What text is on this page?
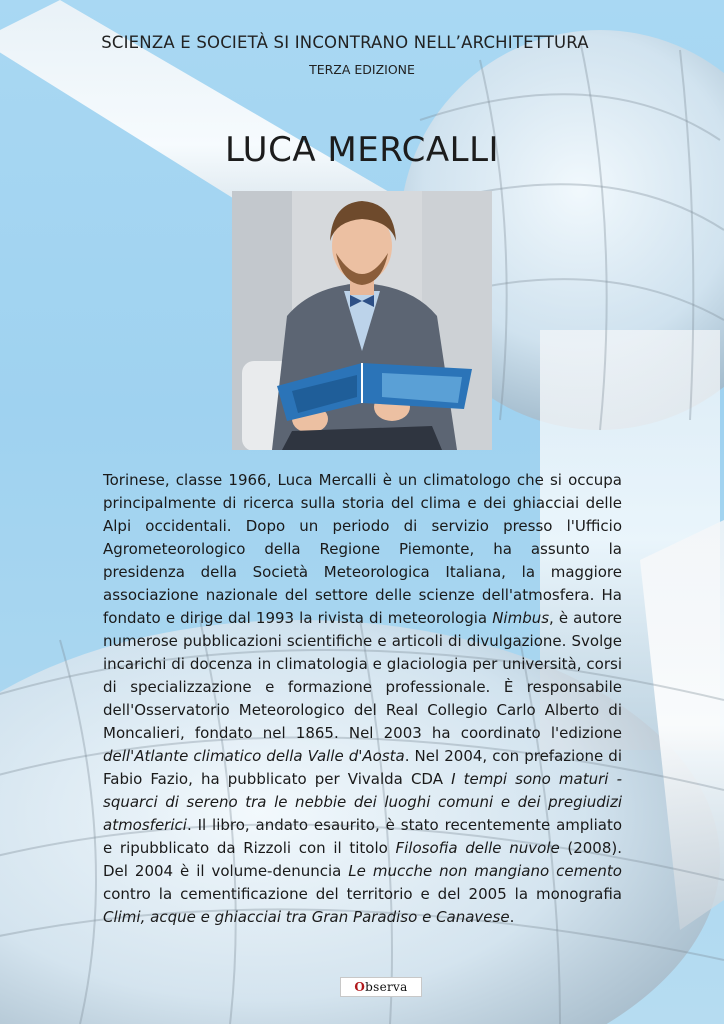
SCIENZA E SOCIETÀ SI INCONTRANO NELL’ARCHITETTURA
TERZA EDIZIONE
LUCA MERCALLI
Torinese, classe 1966, Luca Mercalli è un climatologo che si occupa principalmente di ricerca sulla storia del clima e dei ghiacciai delle Alpi occidentali. Dopo un periodo di servizio presso l'Ufficio Agrometeorologico della Regione Piemonte, ha assunto la presidenza della Società Meteorologica Italiana, la maggiore associazione nazionale del settore delle scienze dell'atmosfera. Ha fondato e dirige dal 1993 la rivista di meteorologia Nimbus, è autore numerose pubblicazioni scientifiche e articoli di divulgazione. Svolge incarichi di docenza in climatologia e glaciologia per università, corsi di specializzazione e formazione professionale. È responsabile dell'Osservatorio Meteorologico del Real Collegio Carlo Alberto di Moncalieri, fondato nel 1865. Nel 2003 ha coordinato l'edizione dell'Atlante climatico della Valle d'Aosta. Nel 2004, con prefazione di Fabio Fazio, ha pubblicato per Vivalda CDA I tempi sono maturi - squarci di sereno tra le nebbie dei luoghi comuni e dei pregiudizi atmosferici. Il libro, andato esaurito, è stato recentemente ampliato e ripubblicato da Rizzoli con il titolo Filosofia delle nuvole (2008). Del 2004 è il volume-denuncia Le mucche non mangiano cemento contro la cementificazione del territorio e del 2005 la monografia Climi, acque e ghiacciai tra Gran Paradiso e Canavese.
Observa
